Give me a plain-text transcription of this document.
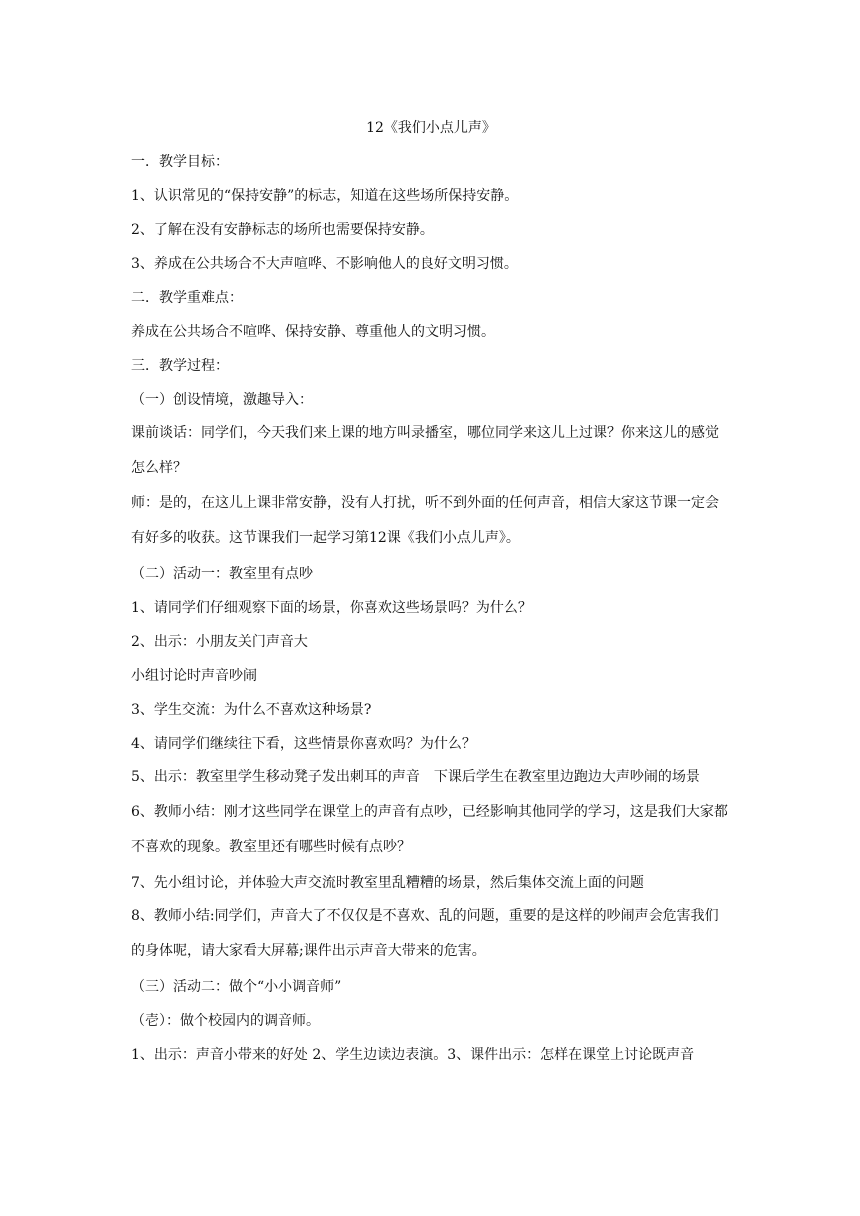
12《我们小点儿声》

一．教学目标：

1、认识常见的“保持安静”的标志，知道在这些场所保持安静。

2、了解在没有安静标志的场所也需要保持安静。

3、养成在公共场合不大声喧哗、不影响他人的良好文明习惯。

二．教学重难点：

养成在公共场合不喧哗、保持安静、尊重他人的文明习惯。

三．教学过程：

（一）创设情境，激趣导入：

课前谈话：同学们，今天我们来上课的地方叫录播室，哪位同学来这儿上过课？你来这儿的感觉怎么样？

师：是的，在这儿上课非常安静，没有人打扰，听不到外面的任何声音，相信大家这节课一定会有好多的收获。这节课我们一起学习第12课《我们小点儿声》。

（二）活动一：教室里有点吵

1、请同学们仔细观察下面的场景，你喜欢这些场景吗？为什么？

2、出示：小朋友关门声音大

小组讨论时声音吵闹

3、学生交流：为什么不喜欢这种场景?

4、请同学们继续往下看，这些情景你喜欢吗？为什么？

5、出示：教室里学生移动凳子发出刺耳的声音　下课后学生在教室里边跑边大声吵闹的场景

6、教师小结：刚才这些同学在课堂上的声音有点吵，已经影响其他同学的学习，这是我们大家都不喜欢的现象。教室里还有哪些时候有点吵？

7、先小组讨论，并体验大声交流时教室里乱糟糟的场景，然后集体交流上面的问题

8、教师小结:同学们，声音大了不仅仅是不喜欢、乱的问题，重要的是这样的吵闹声会危害我们的身体呢，请大家看大屏幕;课件出示声音大带来的危害。

（三）活动二：做个“小小调音师”

（壱）：做个校园内的调音师。

1、出示：声音小带来的好处 2、学生边读边表演。3、课件出示：怎样在课堂上讨论既声音
